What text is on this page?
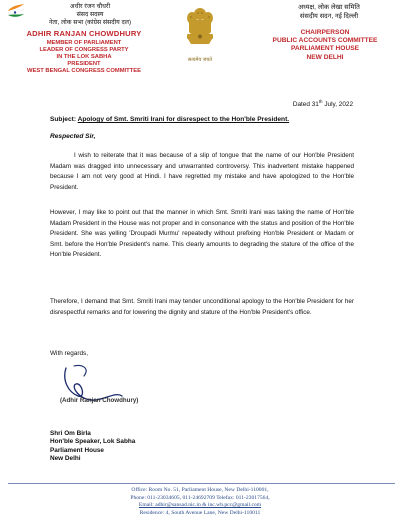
अधीर रंजन चौधरी
संसद सदस्य
नेता, लोक सभा (कांग्रेस संसदीय दल)
ADHIR RANJAN CHOWDHURY
MEMBER OF PARLIAMENT
LEADER OF CONGRESS PARTY
IN THE LOK SABHA
PRESIDENT
WEST BENGAL CONGRESS COMMITTEE
सत्यमेव जयते
अध्यक्ष, लोक लेखा समिति
संसदीय सदन, नई दिल्ली
CHAIRPERSON
PUBLIC ACCOUNTS COMMITTEE
PARLIAMENT HOUSE
NEW DELHI
Dated 31th July, 2022
Subject: Apology of Smt. Smriti Irani for disrespect to the Hon'ble President.
Respected Sir,
I wish to reiterate that it was because of a slip of tongue that the name of our Hon'ble President Madam was dragged into unnecessary and unwarranted controversy. This inadvertent mistake happened because I am not very good at Hindi. I have regretted my mistake and have apologized to the Hon'ble President.
However, I may like to point out that the manner in which Smt. Smriti Irani was taking the name of Hon'ble Madam President in the House was not proper and in consonance with the status and position of the Hon'ble President. She was yelling 'Droupadi Murmu' repeatedly without prefixing Hon'ble President or Madam or Smt. before the Hon'ble President's name. This clearly amounts to degrading the stature of the office of the Hon'ble President.
Therefore, I demand that Smt. Smriti Irani may tender unconditional apology to the Hon'ble President for her disrespectful remarks and for lowering the dignity and stature of the Hon'ble President's office.
With regards,
(Adhir Ranjan Chowdhury)
Shri Om Birla
Hon'ble Speaker, Lok Sabha
Parliament House
New Delhi
Office: Room No. 51, Parliament House, New Delhi-110001,
Phone: 011-23034605, 011-24692709 Telefax: 011-23017564,
Email: adhir@sansad.nic.in & inc.wb.pcc@gmail.com
Residence: 4, South Avenue Lane, New Delhi-110011
